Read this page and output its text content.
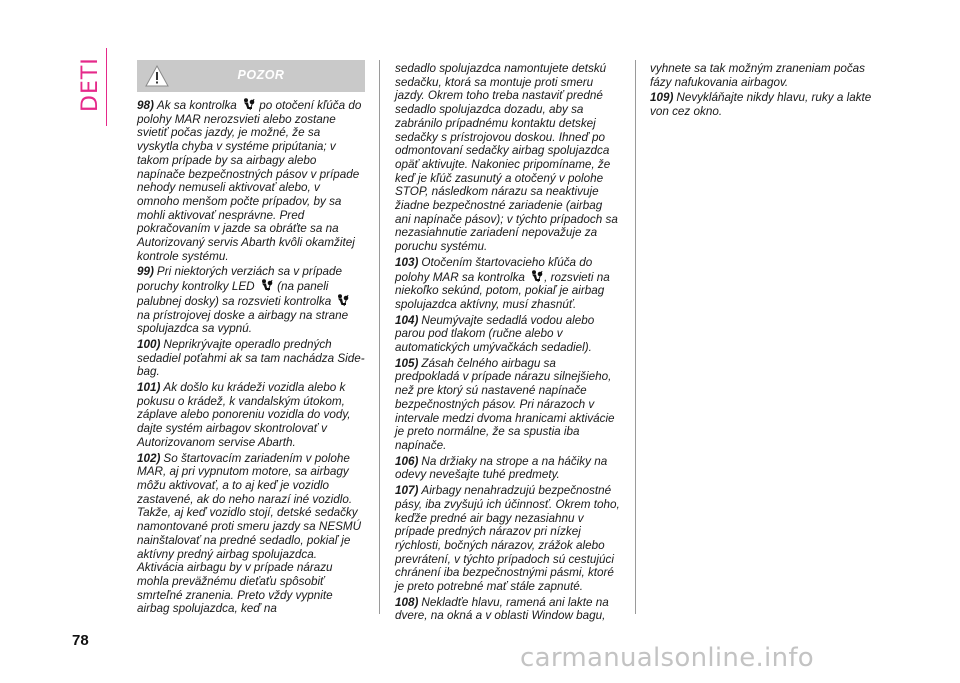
DETI	POZOR

98) Ak sa kontrolka  po otočení kľúča do polohy MAR nerozsvieti alebo zostane svietiť počas jazdy, je možné, že sa vyskytla chyba v systéme pripútania; v takom prípade by sa airbagy alebo napínače bezpečnostných pásov v prípade nehody nemuseli aktivovať alebo, v omnoho menšom počte prípadov, by sa mohli aktivovať nesprávne. Pred pokračovaním v jazde sa obráťte sa na Autorizovaný servis Abarth kvôli okamžitej kontrole systému.

99) Pri niektorých verziách sa v prípade poruchy kontrolky LED  (na paneli palubnej dosky) sa rozsvieti kontrolka  na prístrojovej doske a airbagy na strane spolujazdca sa vypnú.

100) Neprikrývajte operadlo predných sedadiel poťahmi ak sa tam nachádza Side-bag.

101) Ak došlo ku krádeži vozidla alebo k pokusu o krádež, k vandalským útokom, záplave alebo ponoreniu vozidla do vody, dajte systém airbagov skontrolovať v Autorizovanom servise Abarth.

102) So štartovacím zariadením v polohe MAR, aj pri vypnutom motore, sa airbagy môžu aktivovať, a to aj keď je vozidlo zastavené, ak do neho narazí iné vozidlo. Takže, aj keď vozidlo stojí, detské sedačky namontované proti smeru jazdy sa NESMÚ nainštalovať na predné sedadlo, pokiaľ je aktívny predný airbag spolujazdca. Aktivácia airbagu by v prípade nárazu mohla preväžnému dieťaťu spôsobiť smrteľné zranenia. Preto vždy vypnite airbag spolujazdca, keď na

sedadlo spolujazdca namontujete detskú sedačku, ktorá sa montuje proti smeru jazdy. Okrem toho treba nastaviť predné sedadlo spolujazdca dozadu, aby sa zabránilo prípadnému kontaktu detskej sedačky s prístrojovou doskou. Ihneď po odmontovaní sedačky airbag spolujazdca opäť aktivujte. Nakoniec pripomíname, že keď je kľúč zasunutý a otočený v polohe STOP, následkom nárazu sa neaktivuje žiadne bezpečnostné zariadenie (airbag ani napínače pásov); v týchto prípadoch sa nezasiahnutie zariadení nepovažuje za poruchu systému.

103) Otočením štartovacieho kľúča do polohy MAR sa kontrolka , rozsvieti na niekoľko sekúnd, potom, pokiaľ je airbag spolujazdca aktívny, musí zhasnúť.

104) Neumývajte sedadlá vodou alebo parou pod tlakom (ručne alebo v automatických umývačkách sedadiel).

105) Zásah čelného airbagu sa predpokladá v prípade nárazu silnejšieho, než pre ktorý sú nastavené napínače bezpečnostných pásov. Pri nárazoch v intervale medzi dvoma hranicami aktivácie je preto normálne, že sa spustia iba napínače.

106) Na držiaky na strope a na háčiky na odevy nevešajte tuhé predmety.

107) Airbagy nenahradzujú bezpečnostné pásy, iba zvyšujú ich účinnosť. Okrem toho, keďže predné air bagy nezasiahnu v prípade predných nárazov pri nízkej rýchlosti, bočných nárazov, zrážok alebo prevrátení, v týchto prípadoch sú cestujúci chránení iba bezpečnostnými pásmi, ktoré je preto potrebné mať stále zapnuté.

108) Nekladťe hlavu, ramená ani lakte na dvere, na okná a v oblasti Window bagu,

vyhnete sa tak možným zraneniam počas fázy nafukovania airbagov.

109) Nevykláňajte nikdy hlavu, ruky a lakte von cez okno.

78
carmanualsonline.info
